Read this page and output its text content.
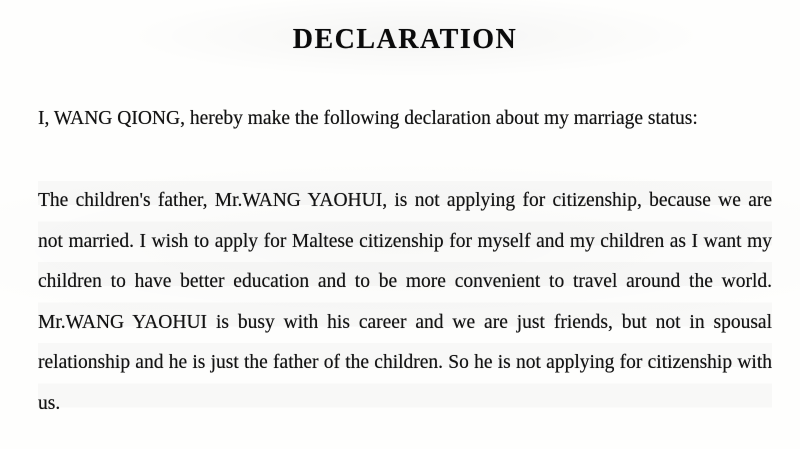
DECLARATION

I, WANG QIONG, hereby make the following declaration about my marriage status:

The children's father, Mr.WANG YAOHUI, is not applying for citizenship, because we are not married. I wish to apply for Maltese citizenship for myself and my children as I want my children to have better education and to be more convenient to travel around the world. Mr.WANG YAOHUI is busy with his career and we are just friends, but not in spousal relationship and he is just the father of the children. So he is not applying for citizenship with us.
